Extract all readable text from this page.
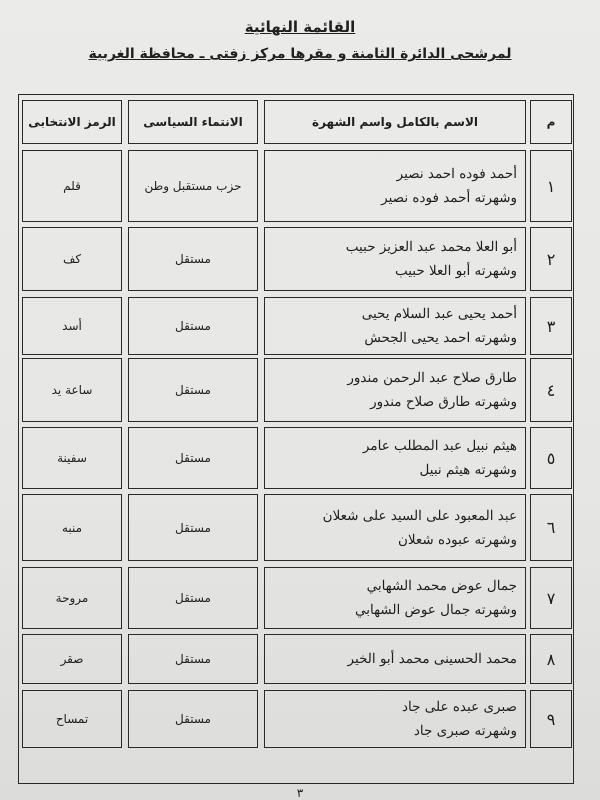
القائمة النهائية
لمرشحى الدائرة الثامنة و مقرها مركز زفتى ـ محافظة الغربية
م
الاسم بالكامل واسم الشهرة
الانتماء السياسى
الرمز الانتخابى
١
أحمد فوده احمد نصير
وشهرته أحمد فوده نصير
حزب مستقبل وطن
قلم
٢
أبو العلا محمد عبد العزيز حبيب
وشهرته أبو العلا حبيب
مستقل
كف
٣
أحمد يحيى عبد السلام يحيى
وشهرته احمد يحيى الجحش
مستقل
أسد
٤
طارق صلاح عبد الرحمن مندور
وشهرته طارق صلاح مندور
مستقل
ساعة يد
٥
هيثم نبيل عبد المطلب عامر
وشهرته هيثم نبيل
مستقل
سفينة
٦
عبد المعبود على السيد على شعلان
وشهرته عبوده شعلان
مستقل
منبه
٧
جمال عوض محمد الشهابي
وشهرته جمال عوض الشهابي
مستقل
مروحة
٨
محمد الحسينى محمد أبو الخير
مستقل
صقر
٩
صبرى عبده على جاد
وشهرته صبرى جاد
مستقل
تمساح
٣
